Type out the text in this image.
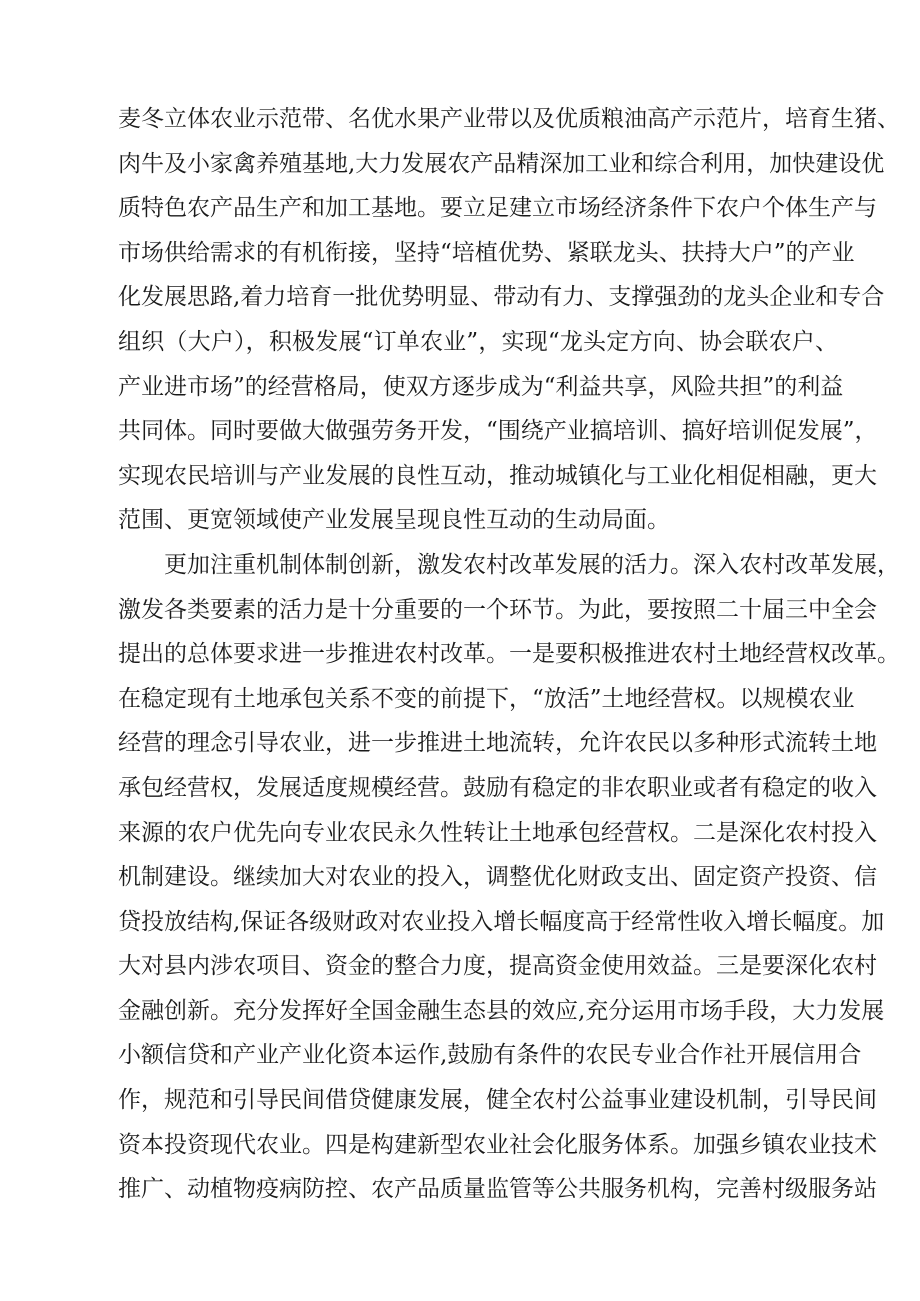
麦冬立体农业示范带、名优水果产业带以及优质粮油高产示范片，培育生猪、
肉牛及小家禽养殖基地,大力发展农产品精深加工业和综合利用，加快建设优
质特色农产品生产和加工基地。要立足建立市场经济条件下农户个体生产与
市场供给需求的有机衔接，坚持“培植优势、紧联龙头、扶持大户”的产业
化发展思路,着力培育一批优势明显、带动有力、支撑强劲的龙头企业和专合
组织（大户），积极发展“订单农业”，实现“龙头定方向、协会联农户、
产业进市场”的经营格局，使双方逐步成为“利益共享，风险共担”的利益
共同体。同时要做大做强劳务开发，“围绕产业搞培训、搞好培训促发展”，
实现农民培训与产业发展的良性互动，推动城镇化与工业化相促相融，更大
范围、更宽领域使产业发展呈现良性互动的生动局面。
更加注重机制体制创新，激发农村改革发展的活力。深入农村改革发展，
激发各类要素的活力是十分重要的一个环节。为此，要按照二十届三中全会
提出的总体要求进一步推进农村改革。一是要积极推进农村土地经营权改革。
在稳定现有土地承包关系不变的前提下，“放活”土地经营权。以规模农业
经营的理念引导农业，进一步推进土地流转，允许农民以多种形式流转土地
承包经营权，发展适度规模经营。鼓励有稳定的非农职业或者有稳定的收入
来源的农户优先向专业农民永久性转让土地承包经营权。二是深化农村投入
机制建设。继续加大对农业的投入，调整优化财政支出、固定资产投资、信
贷投放结构,保证各级财政对农业投入增长幅度高于经常性收入增长幅度。加
大对县内涉农项目、资金的整合力度，提高资金使用效益。三是要深化农村
金融创新。充分发挥好全国金融生态县的效应,充分运用市场手段，大力发展
小额信贷和产业产业化资本运作,鼓励有条件的农民专业合作社开展信用合
作，规范和引导民间借贷健康发展，健全农村公益事业建设机制，引导民间
资本投资现代农业。四是构建新型农业社会化服务体系。加强乡镇农业技术
推广、动植物疫病防控、农产品质量监管等公共服务机构，完善村级服务站
